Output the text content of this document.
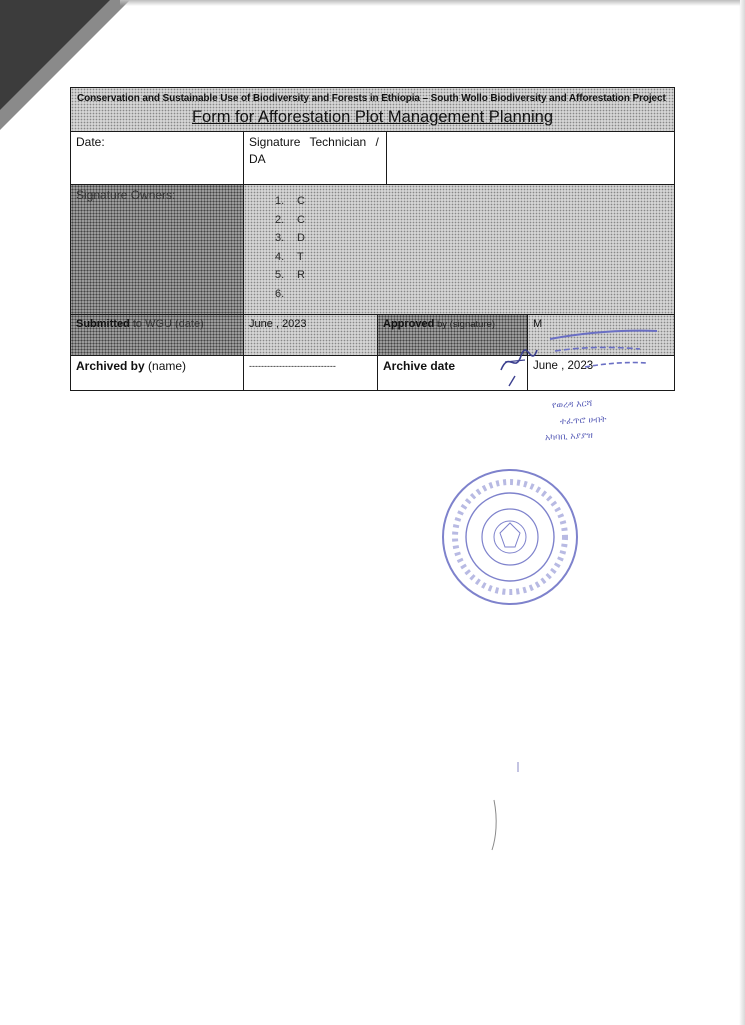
Conservation and Sustainable Use of Biodiversity and Forests in Ethiopia – South Wollo Biodiversity and Afforestation Project
Form for Afforestation Plot Management Planning
Date:	Signature Technician / DA
Signature Owners:	1. C
2. C
3. D
4. T
5. R
6.
Submitted to WGU (date)	June , 2023	Approved by (signature)	M
Archived by (name)	-----------------------------	Archive date	June , 2023
የወረዳ እርሻ
ተፈጥሮ ሀብት
አካባቢ አያያዝ
